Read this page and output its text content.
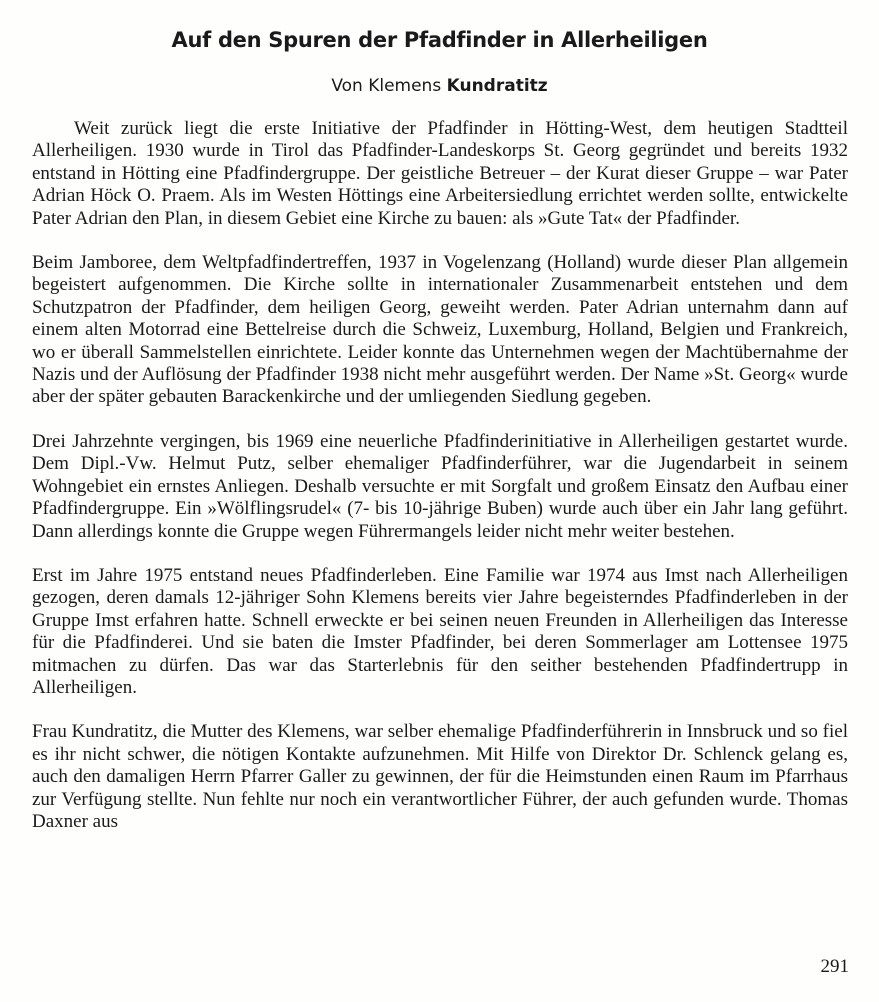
Auf den Spuren der Pfadfinder in Allerheiligen

Von Klemens Kundratitz

Weit zurück liegt die erste Initiative der Pfadfinder in Hötting-West, dem heutigen Stadtteil Allerheiligen. 1930 wurde in Tirol das Pfadfinder-Landeskorps St. Georg gegründet und bereits 1932 entstand in Hötting eine Pfadfindergruppe. Der geistliche Betreuer – der Kurat dieser Gruppe – war Pater Adrian Höck O. Praem. Als im Westen Höttings eine Arbeitersiedlung errichtet werden sollte, entwickelte Pater Adrian den Plan, in diesem Gebiet eine Kirche zu bauen: als »Gute Tat« der Pfadfinder.

Beim Jamboree, dem Weltpfadfindertreffen, 1937 in Vogelenzang (Holland) wurde dieser Plan allgemein begeistert aufgenommen. Die Kirche sollte in internationaler Zusammenarbeit entstehen und dem Schutzpatron der Pfadfinder, dem heiligen Georg, geweiht werden. Pater Adrian unternahm dann auf einem alten Motorrad eine Bettelreise durch die Schweiz, Luxemburg, Holland, Belgien und Frankreich, wo er überall Sammelstellen einrichtete. Leider konnte das Unternehmen wegen der Machtübernahme der Nazis und der Auflösung der Pfadfinder 1938 nicht mehr ausgeführt werden. Der Name »St. Georg« wurde aber der später gebauten Barackenkirche und der umliegenden Siedlung gegeben.

Drei Jahrzehnte vergingen, bis 1969 eine neuerliche Pfadfinderinitiative in Allerheiligen gestartet wurde. Dem Dipl.-Vw. Helmut Putz, selber ehemaliger Pfadfinderführer, war die Jugendarbeit in seinem Wohngebiet ein ernstes Anliegen. Deshalb versuchte er mit Sorgfalt und großem Einsatz den Aufbau einer Pfadfindergruppe. Ein »Wölflingsrudel« (7- bis 10-jährige Buben) wurde auch über ein Jahr lang geführt. Dann allerdings konnte die Gruppe wegen Führermangels leider nicht mehr weiter bestehen.

Erst im Jahre 1975 entstand neues Pfadfinderleben. Eine Familie war 1974 aus Imst nach Allerheiligen gezogen, deren damals 12-jähriger Sohn Klemens bereits vier Jahre begeisterndes Pfadfinderleben in der Gruppe Imst erfahren hatte. Schnell erweckte er bei seinen neuen Freunden in Allerheiligen das Interesse für die Pfadfinderei. Und sie baten die Imster Pfadfinder, bei deren Sommerlager am Lottensee 1975 mitmachen zu dürfen. Das war das Starterlebnis für den seither bestehenden Pfadfindertrupp in Allerheiligen.

Frau Kundratitz, die Mutter des Klemens, war selber ehemalige Pfadfinderführerin in Innsbruck und so fiel es ihr nicht schwer, die nötigen Kontakte aufzunehmen. Mit Hilfe von Direktor Dr. Schlenck gelang es, auch den damaligen Herrn Pfarrer Galler zu gewinnen, der für die Heimstunden einen Raum im Pfarrhaus zur Verfügung stellte. Nun fehlte nur noch ein verantwortlicher Führer, der auch gefunden wurde. Thomas Daxner aus

291
